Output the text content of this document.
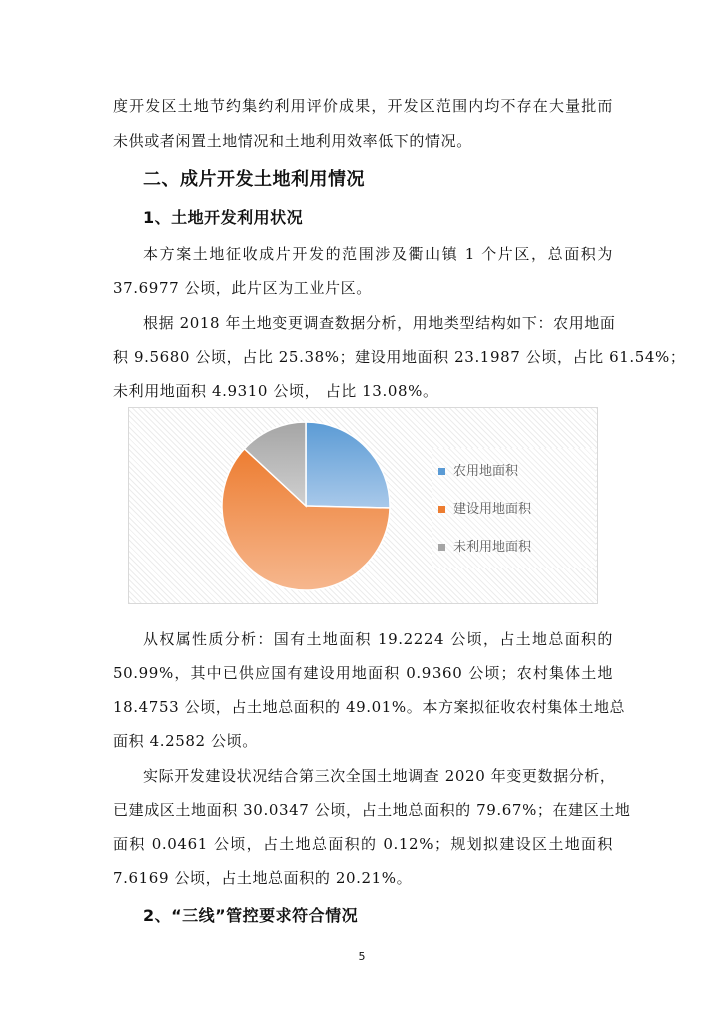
度开发区土地节约集约利用评价成果，开发区范围内均不存在大量批而
未供或者闲置土地情况和土地利用效率低下的情况。
二、成片开发土地利用情况
1、土地开发利用状况
本方案土地征收成片开发的范围涉及衢山镇 1 个片区，总面积为
37.6977 公顷，此片区为工业片区。
根据 2018 年土地变更调查数据分析，用地类型结构如下：农用地面
积 9.5680 公顷，占比 25.38%；建设用地面积 23.1987 公顷，占比 61.54%；
未利用地面积 4.9310 公顷， 占比 13.08%。
农用地面积
建设用地面积
未利用地面积
从权属性质分析：国有土地面积 19.2224 公顷，占土地总面积的
50.99%，其中已供应国有建设用地面积 0.9360 公顷；农村集体土地
18.4753 公顷，占土地总面积的 49.01%。本方案拟征收农村集体土地总
面积 4.2582 公顷。
实际开发建设状况结合第三次全国土地调查 2020 年变更数据分析，
已建成区土地面积 30.0347 公顷，占土地总面积的 79.67%；在建区土地
面积 0.0461 公顷，占土地总面积的 0.12%；规划拟建设区土地面积
7.6169 公顷，占土地总面积的 20.21%。
2、“三线”管控要求符合情况
5
